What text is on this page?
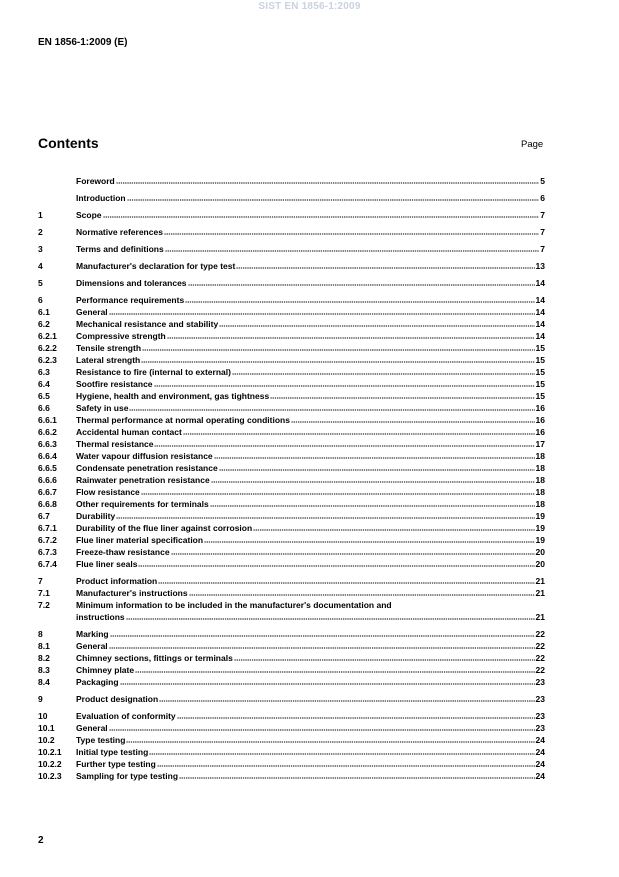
SIST EN 1856-1:2009
EN 1856-1:2009 (E)
Contents	Page
Foreword	5
Introduction	6
1	Scope	7
2	Normative references	7
3	Terms and definitions	7
4	Manufacturer's declaration for type test	13
5	Dimensions and tolerances	14
6	Performance requirements	14
6.1	General	14
6.2	Mechanical resistance and stability	14
6.2.1	Compressive strength	14
6.2.2	Tensile strength	15
6.2.3	Lateral strength	15
6.3	Resistance to fire (internal to external)	15
6.4	Sootfire resistance	15
6.5	Hygiene, health and environment, gas tightness	15
6.6	Safety in use	16
6.6.1	Thermal performance at normal operating conditions	16
6.6.2	Accidental human contact	16
6.6.3	Thermal resistance	17
6.6.4	Water vapour diffusion resistance	18
6.6.5	Condensate penetration resistance	18
6.6.6	Rainwater penetration resistance	18
6.6.7	Flow resistance	18
6.6.8	Other requirements for terminals	18
6.7	Durability	19
6.7.1	Durability of the flue liner against corrosion	19
6.7.2	Flue liner material specification	19
6.7.3	Freeze-thaw resistance	20
6.7.4	Flue liner seals	20
7	Product information	21
7.1	Manufacturer's instructions	21
7.2	Minimum information to be included in the manufacturer's documentation and
instructions	21
8	Marking	22
8.1	General	22
8.2	Chimney sections, fittings or terminals	22
8.3	Chimney plate	22
8.4	Packaging	23
9	Product designation	23
10	Evaluation of conformity	23
10.1	General	23
10.2	Type testing	24
10.2.1	Initial type testing	24
10.2.2	Further type testing	24
10.2.3	Sampling for type testing	24
2
